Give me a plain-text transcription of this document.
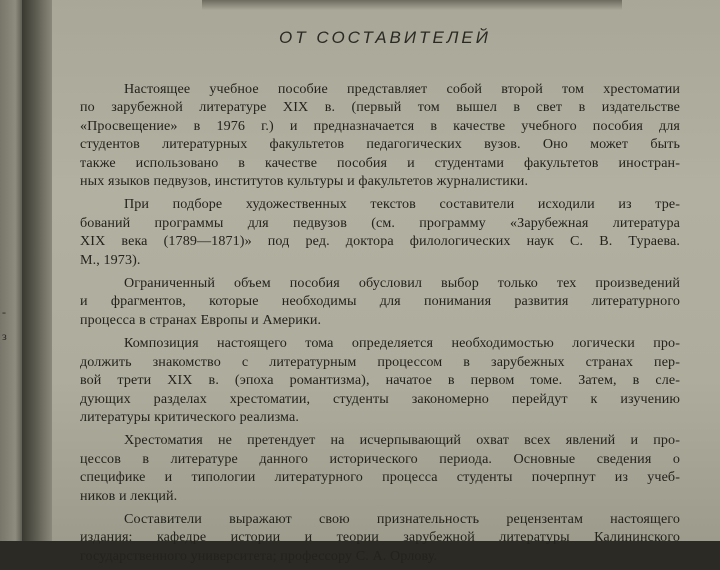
-
з
ОТ СОСТАВИТЕЛЕЙ
Настоящее учебное пособие представляет собой второй том хрестоматии
по зарубежной литературе XIX в. (первый том вышел в свет в издательстве
«Просвещение» в 1976 г.) и предназначается в качестве учебного пособия для
студентов литературных факультетов педагогических вузов. Оно может быть
также использовано в качестве пособия и студентами факультетов иностран-
ных языков педвузов, институтов культуры и факультетов журналистики.
При подборе художественных текстов составители исходили из тре-
бований программы для педвузов (см. программу «Зарубежная литература
XIX века (1789—1871)» под ред. доктора филологических наук С. В. Тураева.
М., 1973).
Ограниченный объем пособия обусловил выбор только тех произведений
и фрагментов, которые необходимы для понимания развития литературного
процесса в странах Европы и Америки.
Композиция настоящего тома определяется необходимостью логически про-
должить знакомство с литературным процессом в зарубежных странах пер-
вой трети XIX в. (эпоха романтизма), начатое в первом томе. Затем, в сле-
дующих разделах хрестоматии, студенты закономерно перейдут к изучению
литературы критического реализма.
Хрестоматия не претендует на исчерпывающий охват всех явлений и про-
цессов в литературе данного исторического периода. Основные сведения о
специфике и типологии литературного процесса студенты почерпнут из учеб-
ников и лекций.
Составители выражают свою признательность рецензентам настоящего
издания: кафедре истории и теории зарубежной литературы Калининского
государственного университета; профессору С. А. Орлову.
